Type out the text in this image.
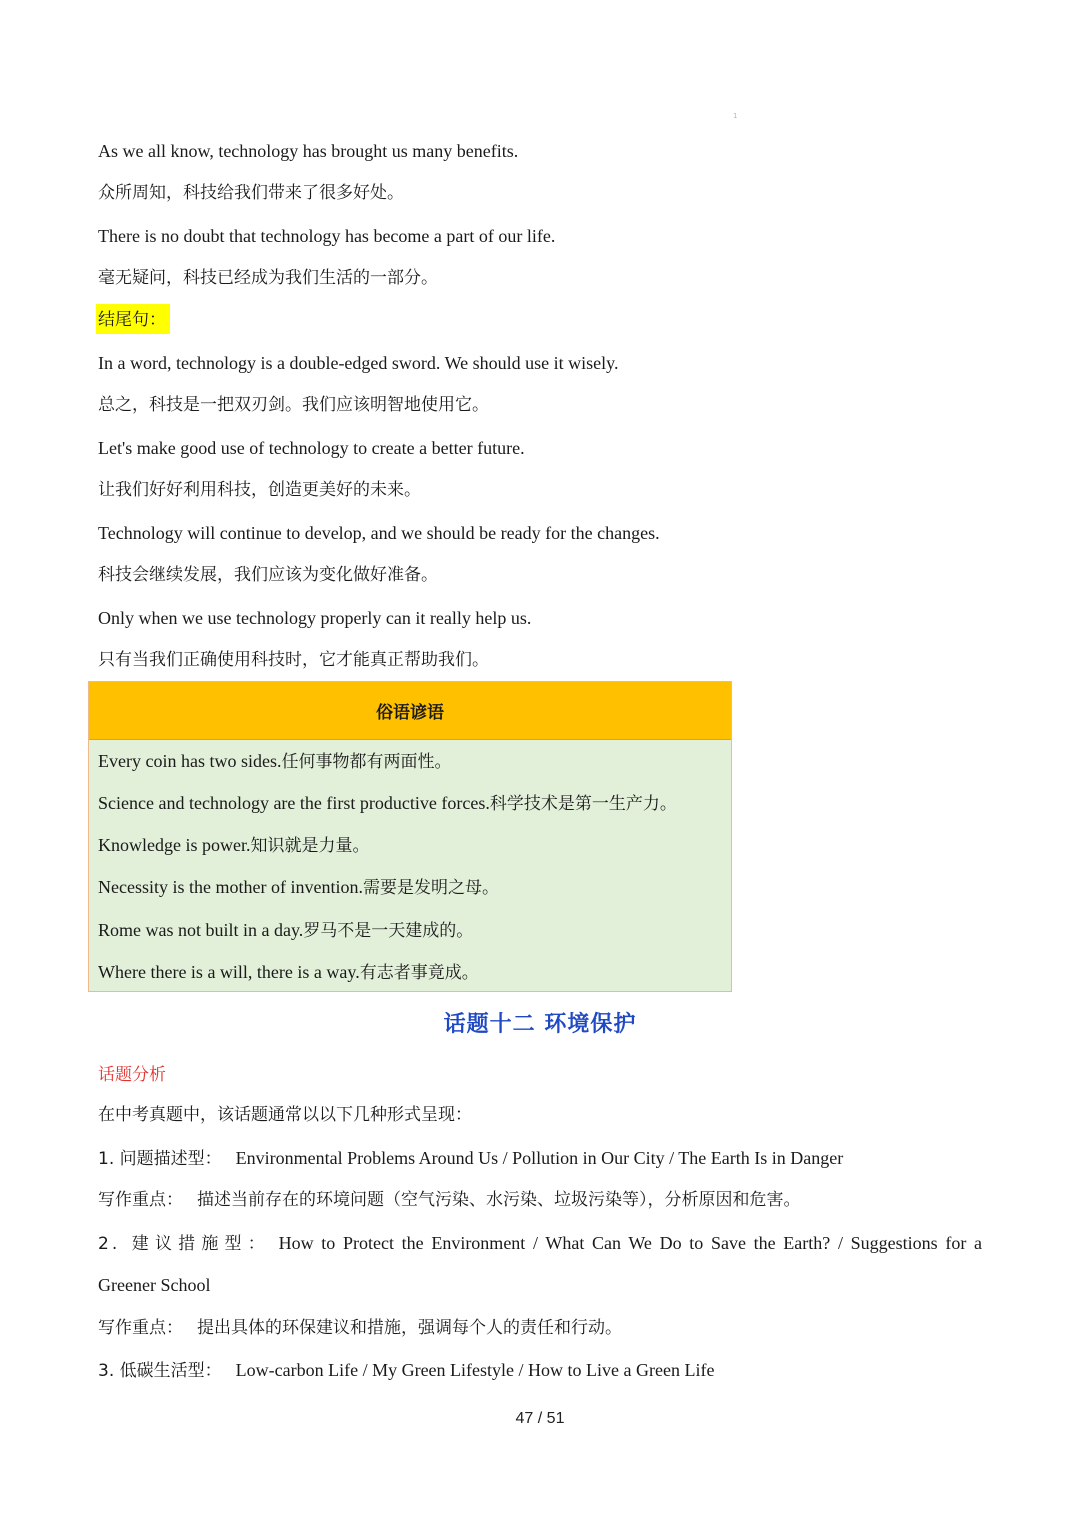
1

As we all know, technology has brought us many benefits.

众所周知，科技给我们带来了很多好处。

There is no doubt that technology has become a part of our life.

毫无疑问，科技已经成为我们生活的一部分。

结尾句：

In a word, technology is a double-edged sword. We should use it wisely.

总之，科技是一把双刃剑。我们应该明智地使用它。

Let's make good use of technology to create a better future.

让我们好好利用科技，创造更美好的未来。

Technology will continue to develop, and we should be ready for the changes.

科技会继续发展，我们应该为变化做好准备。

Only when we use technology properly can it really help us.

只有当我们正确使用科技时，它才能真正帮助我们。

俗语谚语

Every coin has two sides.任何事物都有两面性。

Science and technology are the first productive forces.科学技术是第一生产力。

Knowledge is power.知识就是力量。

Necessity is the mother of invention.需要是发明之母。

Rome was not built in a day.罗马不是一天建成的。

Where there is a will, there is a way.有志者事竟成。

话题十二 环境保护

话题分析

在中考真题中，该话题通常以以下几种形式呈现：

1. 问题描述型： Environmental Problems Around Us / Pollution in Our City / The Earth Is in Danger

写作重点： 描述当前存在的环境问题（空气污染、水污染、垃圾污染等），分析原因和危害。

2. 建议措施型： How to Protect the Environment / What Can We Do to Save the Earth? / Suggestions for a

Greener School

写作重点： 提出具体的环保建议和措施，强调每个人的责任和行动。

3. 低碳生活型： Low-carbon Life / My Green Lifestyle / How to Live a Green Life

47 / 51
